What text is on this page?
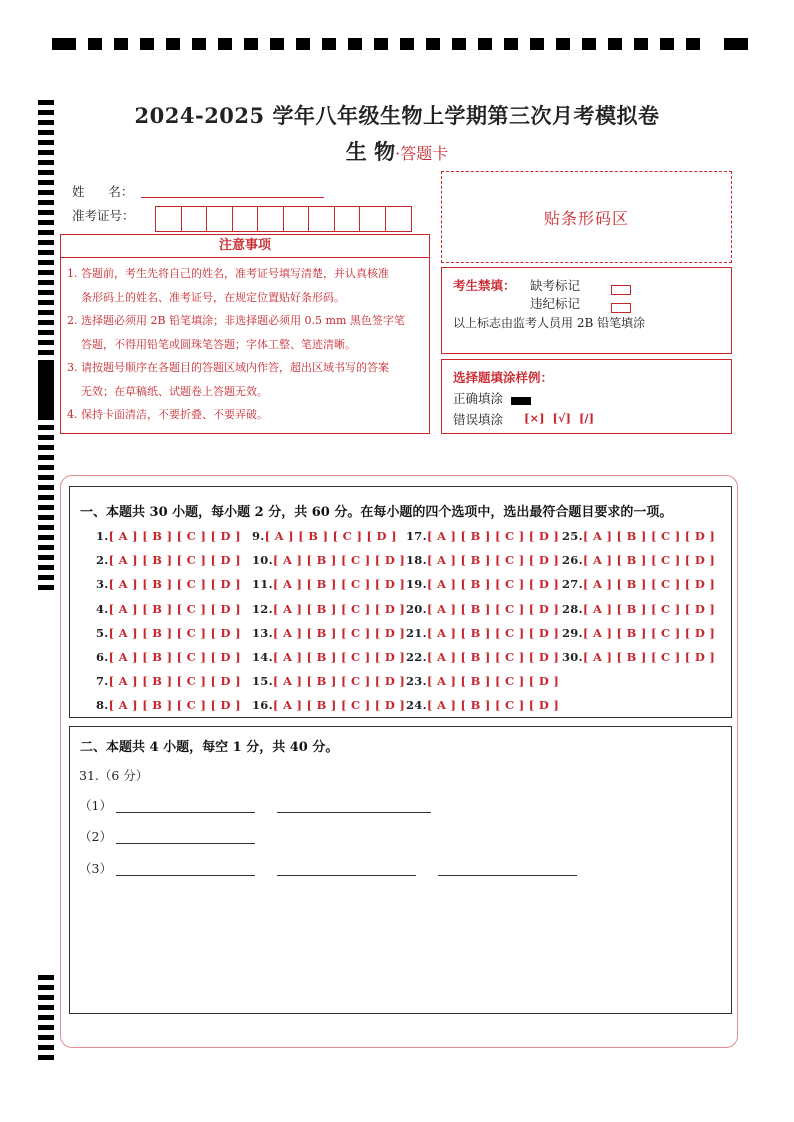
2024-2025 学年八年级生物上学期第三次月考模拟卷
生 物·答题卡
姓      名：
准考证号：	贴条形码区
注意事项
1. 答题前，考生先将自己的姓名，准考证号填写清楚，并认真核准
条形码上的姓名、准考证号，在规定位置贴好条形码。
2. 选择题必须用 2B 铅笔填涂；非选择题必须用 0.5 mm 黑色签字笔
答题，不得用铅笔或圆珠笔答题；字体工整、笔迹清晰。
3. 请按题号顺序在各题目的答题区域内作答，超出区域书写的答案
无效；在草稿纸、试题卷上答题无效。
4. 保持卡面清洁，不要折叠、不要弄破。
考生禁填： 缺考标记
违纪标记
以上标志由监考人员用 2B 铅笔填涂
选择题填涂样例：
正确填涂
错误填涂 [×]  [√]  [/]
一、本题共 30 小题，每小题 2 分，共 60 分。在每小题的四个选项中，选出最符合题目要求的一项。
1.[ A ] [ B ] [ C ] [ D ]
2.[ A ] [ B ] [ C ] [ D ]
3.[ A ] [ B ] [ C ] [ D ]
4.[ A ] [ B ] [ C ] [ D ]
5.[ A ] [ B ] [ C ] [ D ]
6.[ A ] [ B ] [ C ] [ D ]
7.[ A ] [ B ] [ C ] [ D ]
8.[ A ] [ B ] [ C ] [ D ]
9.[ A ] [ B ] [ C ] [ D ]
10.[ A ] [ B ] [ C ] [ D ]
11.[ A ] [ B ] [ C ] [ D ]
12.[ A ] [ B ] [ C ] [ D ]
13.[ A ] [ B ] [ C ] [ D ]
14.[ A ] [ B ] [ C ] [ D ]
15.[ A ] [ B ] [ C ] [ D ]
16.[ A ] [ B ] [ C ] [ D ]
17.[ A ] [ B ] [ C ] [ D ]
18.[ A ] [ B ] [ C ] [ D ]
19.[ A ] [ B ] [ C ] [ D ]
20.[ A ] [ B ] [ C ] [ D ]
21.[ A ] [ B ] [ C ] [ D ]
22.[ A ] [ B ] [ C ] [ D ]
23.[ A ] [ B ] [ C ] [ D ]
24.[ A ] [ B ] [ C ] [ D ]
25.[ A ] [ B ] [ C ] [ D ]
26.[ A ] [ B ] [ C ] [ D ]
27.[ A ] [ B ] [ C ] [ D ]
28.[ A ] [ B ] [ C ] [ D ]
29.[ A ] [ B ] [ C ] [ D ]
30.[ A ] [ B ] [ C ] [ D ]
二、本题共 4 小题，每空 1 分，共 40 分。
31.（6 分）
（1）
（2）
（3）
